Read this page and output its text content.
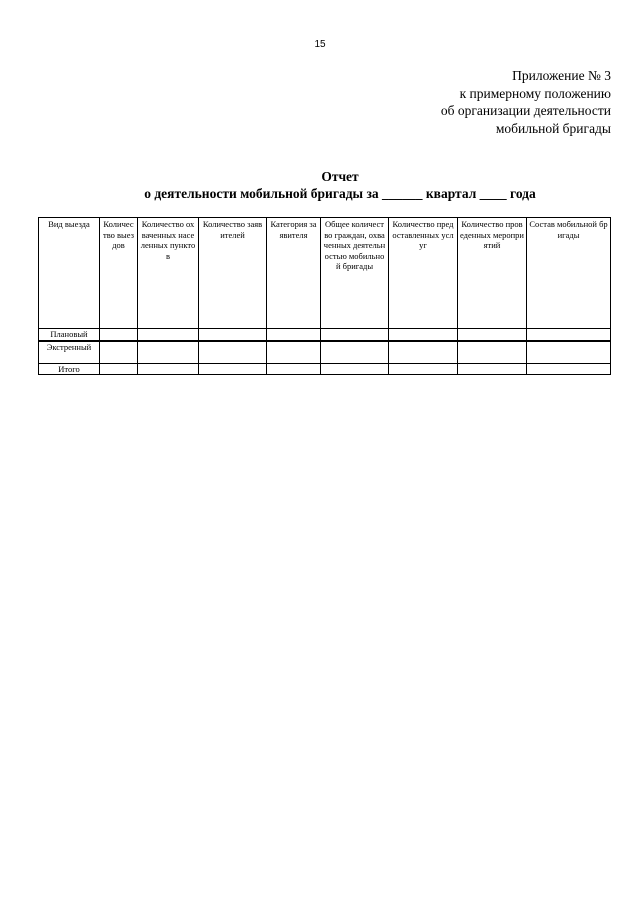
15
Приложение № 3
к примерному положению
об организации деятельности
мобильной бригады
Отчет
о деятельности мобильной бригады за ______ квартал ____ года
Вид выезда	Количество выездов	Количество охваченных населенных пунктов	Количество заявителей	Категория заявителя	Общее количество граждан, охваченных деятельностью мобильной бригады	Количество предоставленных услуг	Количество проведенных мероприятий	Состав мобильной бригады
Плановый								
Экстренный								
Итого								
